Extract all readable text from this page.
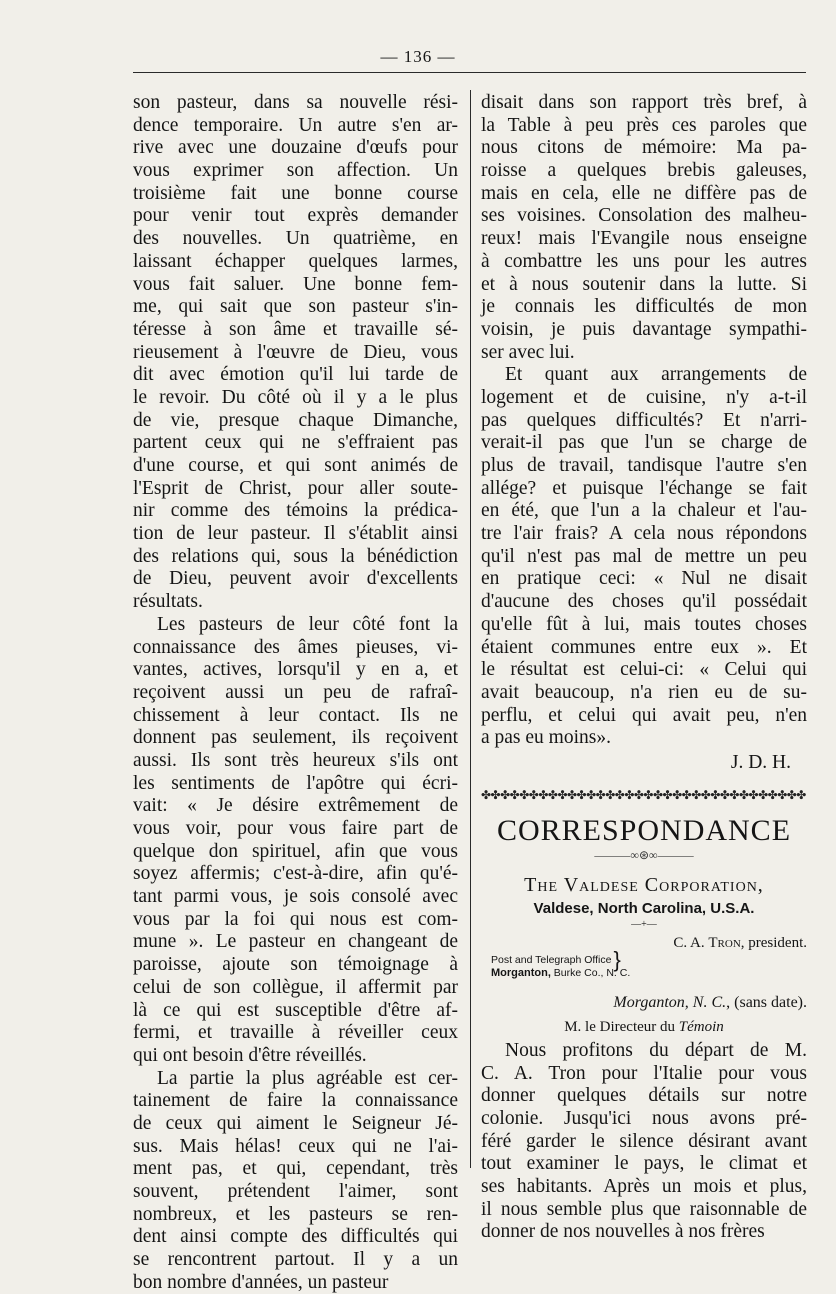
— 136 —
son pasteur, dans sa nouvelle rési-
dence temporaire. Un autre s'en ar-
rive avec une douzaine d'œufs pour
vous exprimer son affection. Un
troisième fait une bonne course
pour venir tout exprès demander
des nouvelles. Un quatrième, en
laissant échapper quelques larmes,
vous fait saluer. Une bonne fem-
me, qui sait que son pasteur s'in-
téresse à son âme et travaille sé-
rieusement à l'œuvre de Dieu, vous
dit avec émotion qu'il lui tarde de
le revoir. Du côté où il y a le plus
de vie, presque chaque Dimanche,
partent ceux qui ne s'effraient pas
d'une course, et qui sont animés de
l'Esprit de Christ, pour aller soute-
nir comme des témoins la prédica-
tion de leur pasteur. Il s'établit ainsi
des relations qui, sous la bénédiction
de Dieu, peuvent avoir d'excellents
résultats.
Les pasteurs de leur côté font la
connaissance des âmes pieuses, vi-
vantes, actives, lorsqu'il y en a, et
reçoivent aussi un peu de rafraî-
chissement à leur contact. Ils ne
donnent pas seulement, ils reçoivent
aussi. Ils sont très heureux s'ils ont
les sentiments de l'apôtre qui écri-
vait: « Je désire extrêmement de
vous voir, pour vous faire part de
quelque don spirituel, afin que vous
soyez affermis; c'est-à-dire, afin qu'é-
tant parmi vous, je sois consolé avec
vous par la foi qui nous est com-
mune ». Le pasteur en changeant de
paroisse, ajoute son témoignage à
celui de son collègue, il affermit par
là ce qui est susceptible d'être af-
fermi, et travaille à réveiller ceux
qui ont besoin d'être réveillés.
La partie la plus agréable est cer-
tainement de faire la connaissance
de ceux qui aiment le Seigneur Jé-
sus. Mais hélas! ceux qui ne l'ai-
ment pas, et qui, cependant, très
souvent, prétendent l'aimer, sont
nombreux, et les pasteurs se ren-
dent ainsi compte des difficultés qui
se rencontrent partout. Il y a un
bon nombre d'années, un pasteur
disait dans son rapport très bref, à
la Table à peu près ces paroles que
nous citons de mémoire: Ma pa-
roisse a quelques brebis galeuses,
mais en cela, elle ne diffère pas de
ses voisines. Consolation des malheu-
reux! mais l'Evangile nous enseigne
à combattre les uns pour les autres
et à nous soutenir dans la lutte. Si
je connais les difficultés de mon
voisin, je puis davantage sympathi-
ser avec lui.
Et quant aux arrangements de
logement et de cuisine, n'y a-t-il
pas quelques difficultés? Et n'arri-
verait-il pas que l'un se charge de
plus de travail, tandisque l'autre s'en
allége? et puisque l'échange se fait
en été, que l'un a la chaleur et l'au-
tre l'air frais? A cela nous répondons
qu'il n'est pas mal de mettre un peu
en pratique ceci: « Nul ne disait
d'aucune des choses qu'il possédait
qu'elle fût à lui, mais toutes choses
étaient communes entre eux ». Et
le résultat est celui-ci: « Celui qui
avait beaucoup, n'a rien eu de su-
perflu, et celui qui avait peu, n'en
a pas eu moins».
J. D. H.
✤✤✤✤✤✤✤✤✤✤✤✤✤✤✤✤✤✤✤✤✤✤✤✤✤✤✤✤✤✤✤✤✤✤
CORRESPONDANCE
———∞⊛∞———
The Valdese Corporation,
Valdese, North Carolina, U.S.A.
—+—
C. A. Tron, president.
Post and Telegraph Office}
Morganton, Burke Co., N. C.
Morganton, N. C., (sans date).
M. le Directeur du Témoin
Nous profitons du départ de M.
C. A. Tron pour l'Italie pour vous
donner quelques détails sur notre
colonie. Jusqu'ici nous avons pré-
féré garder le silence désirant avant
tout examiner le pays, le climat et
ses habitants. Après un mois et plus,
il nous semble plus que raisonnable de
donner de nos nouvelles à nos frères
